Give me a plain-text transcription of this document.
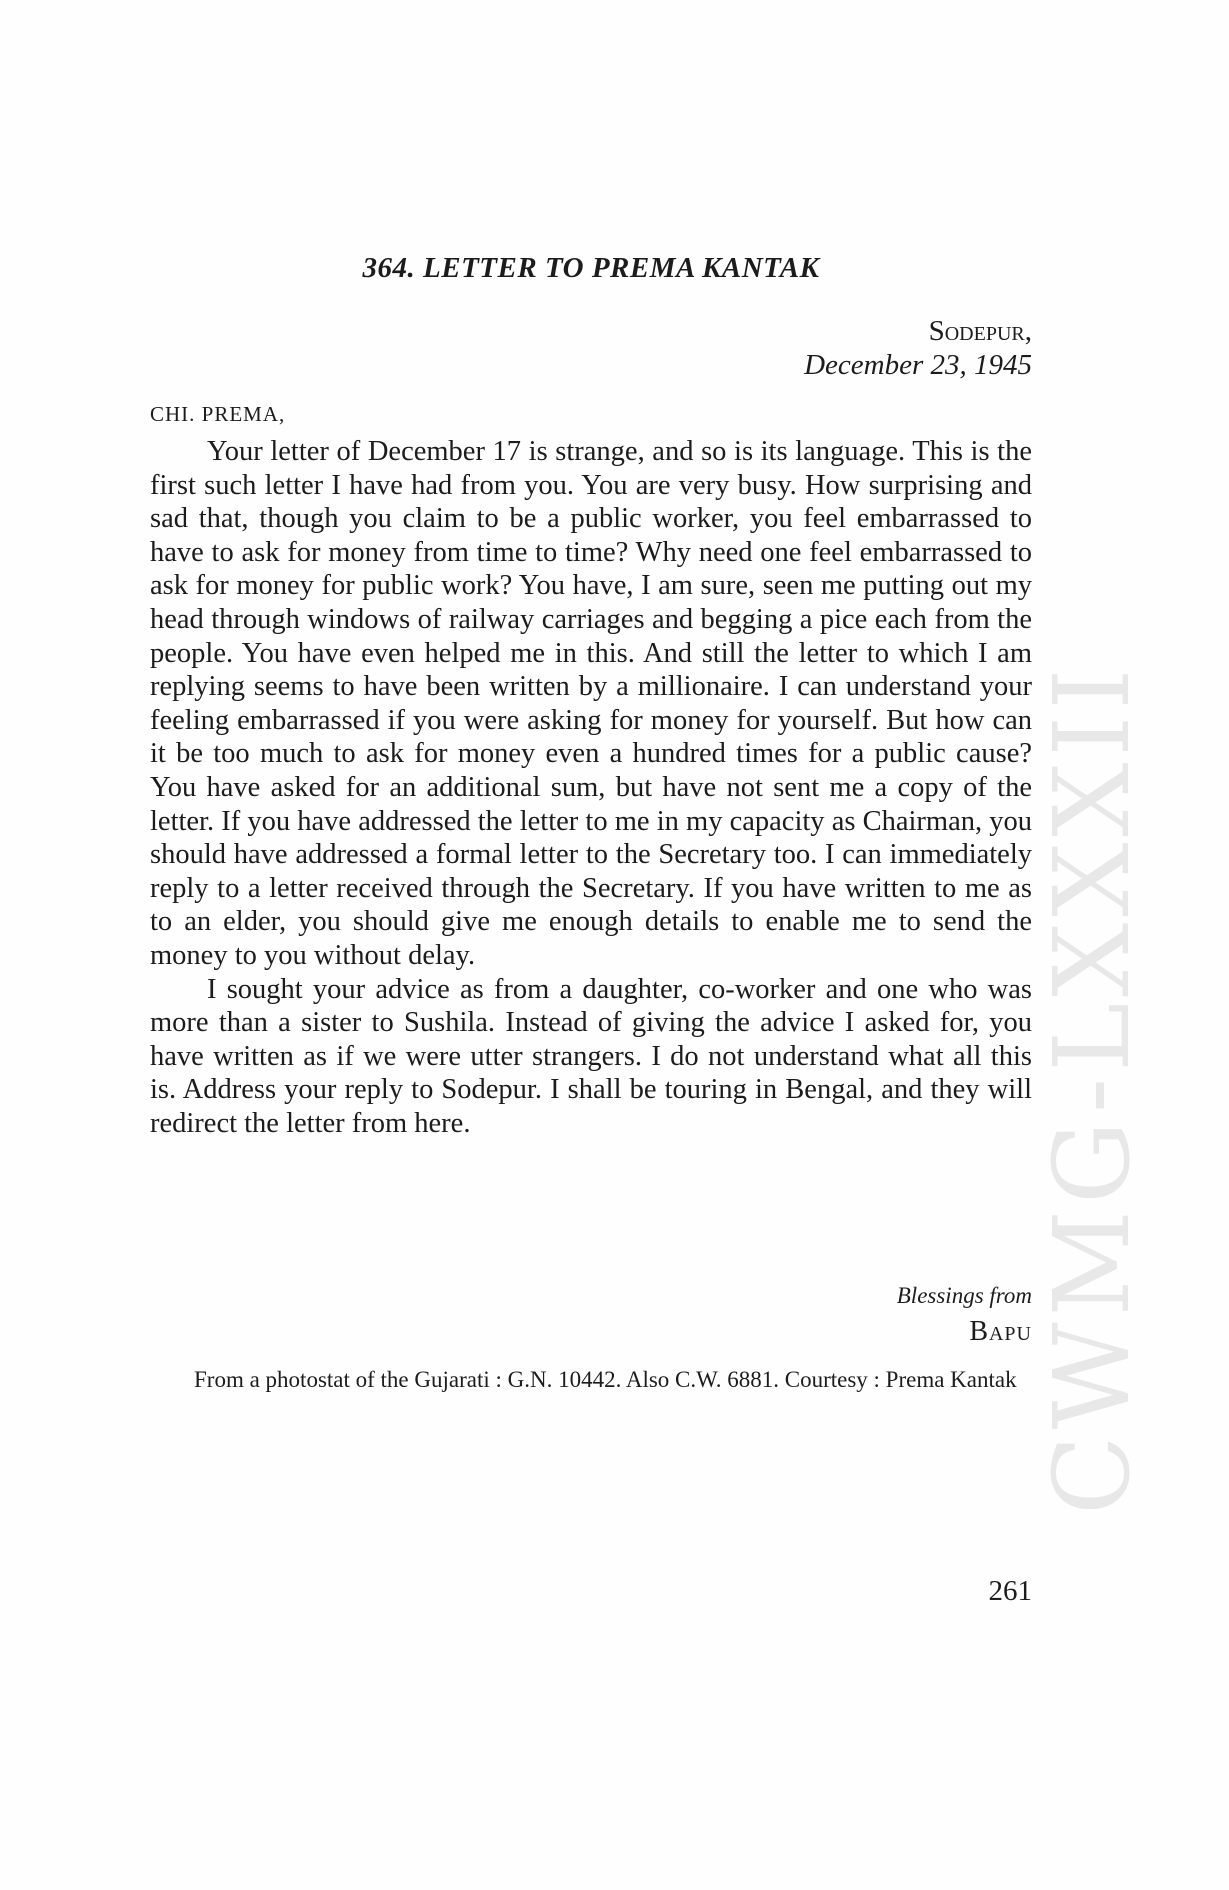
CWMG-LXXXII
364. LETTER TO PREMA KANTAK
Sodepur,
December 23, 1945
CHI. PREMA,

Your letter of December 17 is strange, and so is its language. This is the first such letter I have had from you. You are very busy. How surprising and sad that, though you claim to be a public worker, you feel embarrassed to have to ask for money from time to time? Why need one feel embarrassed to ask for money for public work? You have, I am sure, seen me putting out my head through windows of railway carriages and begging a pice each from the people. You have even helped me in this. And still the letter to which I am replying seems to have been written by a millionaire. I can understand your feeling embarrassed if you were asking for money for yourself. But how can it be too much to ask for money even a hundred times for a public cause? You have asked for an additional sum, but have not sent me a copy of the letter. If you have addressed the letter to me in my capacity as Chairman, you should have addressed a formal letter to the Secretary too. I can immediately reply to a letter received through the Secretary. If you have written to me as to an elder, you should give me enough details to enable me to send the money to you without delay.

I sought your advice as from a daughter, co-worker and one who was more than a sister to Sushila. Instead of giving the advice I asked for, you have written as if we were utter strangers. I do not understand what all this is. Address your reply to Sodepur. I shall be touring in Bengal, and they will redirect the letter from here.

Blessings from
Bapu

From a photostat of the Gujarati : G.N. 10442. Also C.W. 6881. Courtesy : Prema Kantak

261
